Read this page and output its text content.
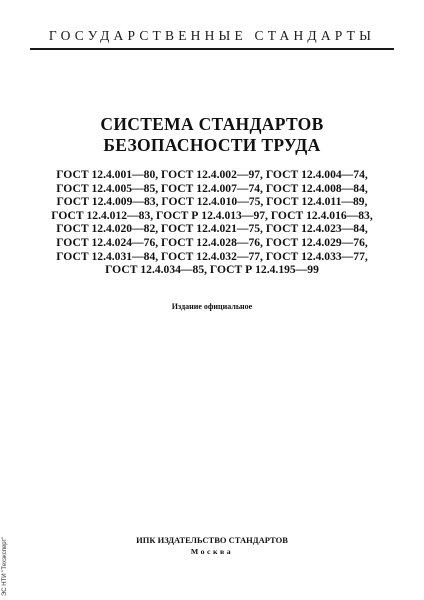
ГОСУДАРСТВЕННЫЕ СТАНДАРТЫ
СИСТЕМА СТАНДАРТОВ
БЕЗОПАСНОСТИ ТРУДА
ГОСТ 12.4.001—80, ГОСТ 12.4.002—97, ГОСТ 12.4.004—74,
ГОСТ 12.4.005—85, ГОСТ 12.4.007—74, ГОСТ 12.4.008—84,
ГОСТ 12.4.009—83, ГОСТ 12.4.010—75, ГОСТ 12.4.011—89,
ГОСТ 12.4.012—83, ГОСТ Р 12.4.013—97, ГОСТ 12.4.016—83,
ГОСТ 12.4.020—82, ГОСТ 12.4.021—75, ГОСТ 12.4.023—84,
ГОСТ 12.4.024—76, ГОСТ 12.4.028—76, ГОСТ 12.4.029—76,
ГОСТ 12.4.031—84, ГОСТ 12.4.032—77, ГОСТ 12.4.033—77,
ГОСТ 12.4.034—85, ГОСТ Р 12.4.195—99
Издание официальное
ИПК ИЗДАТЕЛЬСТВО СТАНДАРТОВ
Москва
ЭС НТИ "Техэксперт"
